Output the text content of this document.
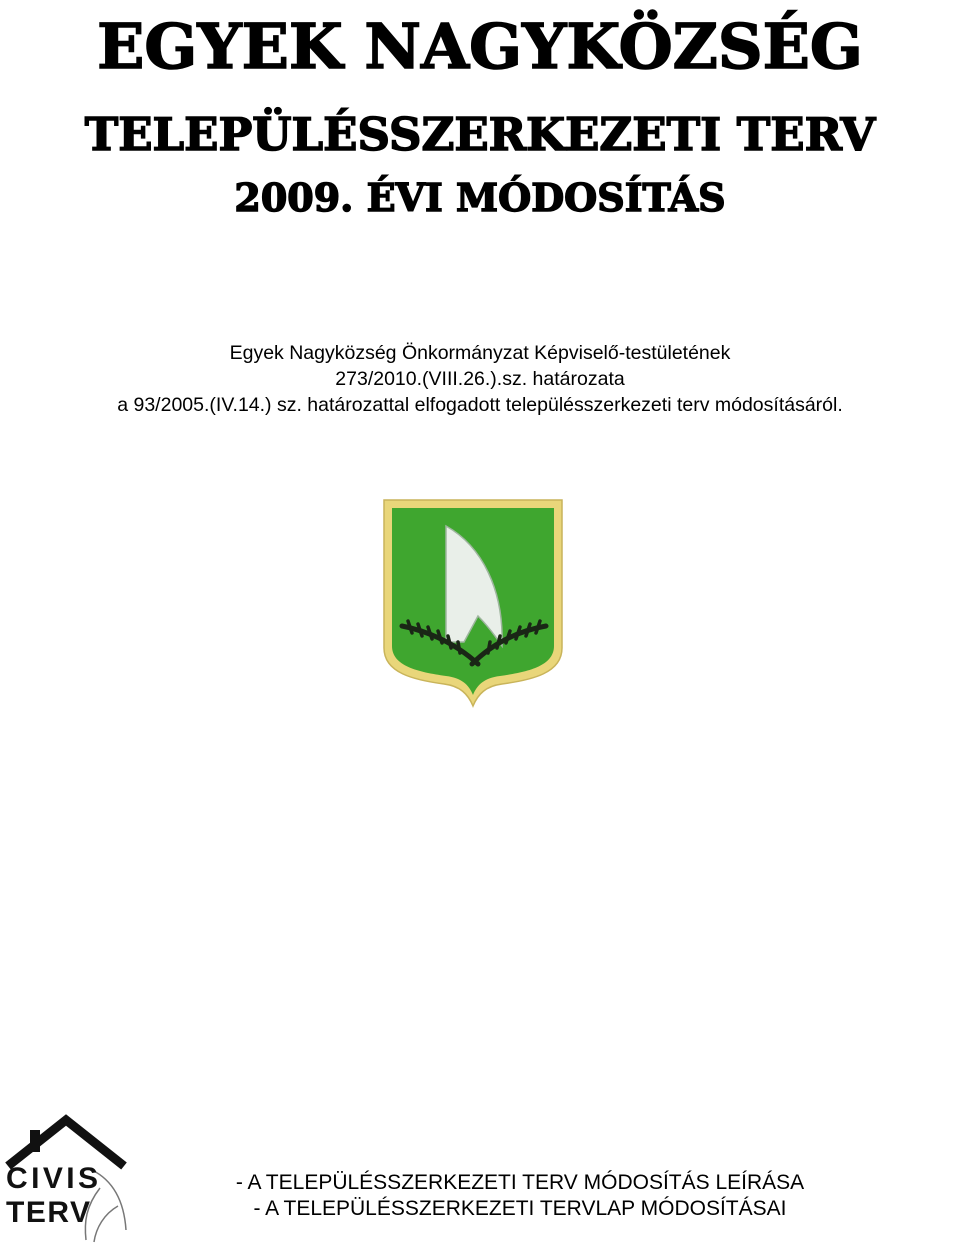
EGYEK NAGYKÖZSÉG
TELEPÜLÉSSZERKEZETI TERV
2009. ÉVI MÓDOSÍTÁS
Egyek Nagyközség Önkormányzat Képviselő-testületének
273/2010.(VIII.26.).sz. határozata
a 93/2005.(IV.14.) sz. határozattal elfogadott településszerkezeti terv módosításáról.
CIVIS
TERV
- A TELEPÜLÉSSZERKEZETI TERV MÓDOSÍTÁS LEÍRÁSA
- A TELEPÜLÉSSZERKEZETI TERVLAP MÓDOSÍTÁSAI
